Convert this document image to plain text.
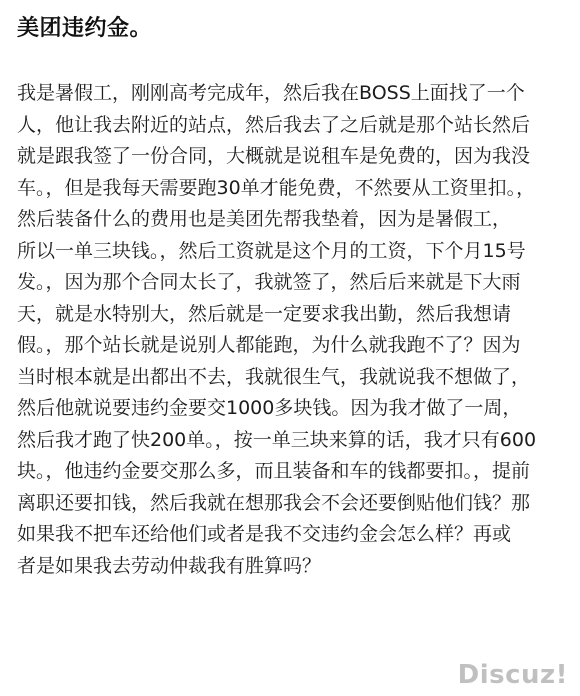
美团违约金。
我是暑假工，刚刚高考完成年，然后我在BOSS上面找了一个
人，他让我去附近的站点，然后我去了之后就是那个站长然后
就是跟我签了一份合同，大概就是说租车是免费的，因为我没
车。，但是我每天需要跑30单才能免费，不然要从工资里扣。，
然后装备什么的费用也是美团先帮我垫着，因为是暑假工，
所以一单三块钱。，然后工资就是这个月的工资，下个月15号
发。，因为那个合同太长了，我就签了，然后后来就是下大雨
天，就是水特别大，然后就是一定要求我出勤，然后我想请
假。，那个站长就是说别人都能跑，为什么就我跑不了？因为
当时根本就是出都出不去，我就很生气，我就说我不想做了，
然后他就说要违约金要交1000多块钱。因为我才做了一周，
然后我才跑了快200单。，按一单三块来算的话，我才只有600
块。，他违约金要交那么多，而且装备和车的钱都要扣。，提前
离职还要扣钱，然后我就在想那我会不会还要倒贴他们钱？那
如果我不把车还给他们或者是我不交违约金会怎么样？再或
者是如果我去劳动仲裁我有胜算吗？
Discuz!
